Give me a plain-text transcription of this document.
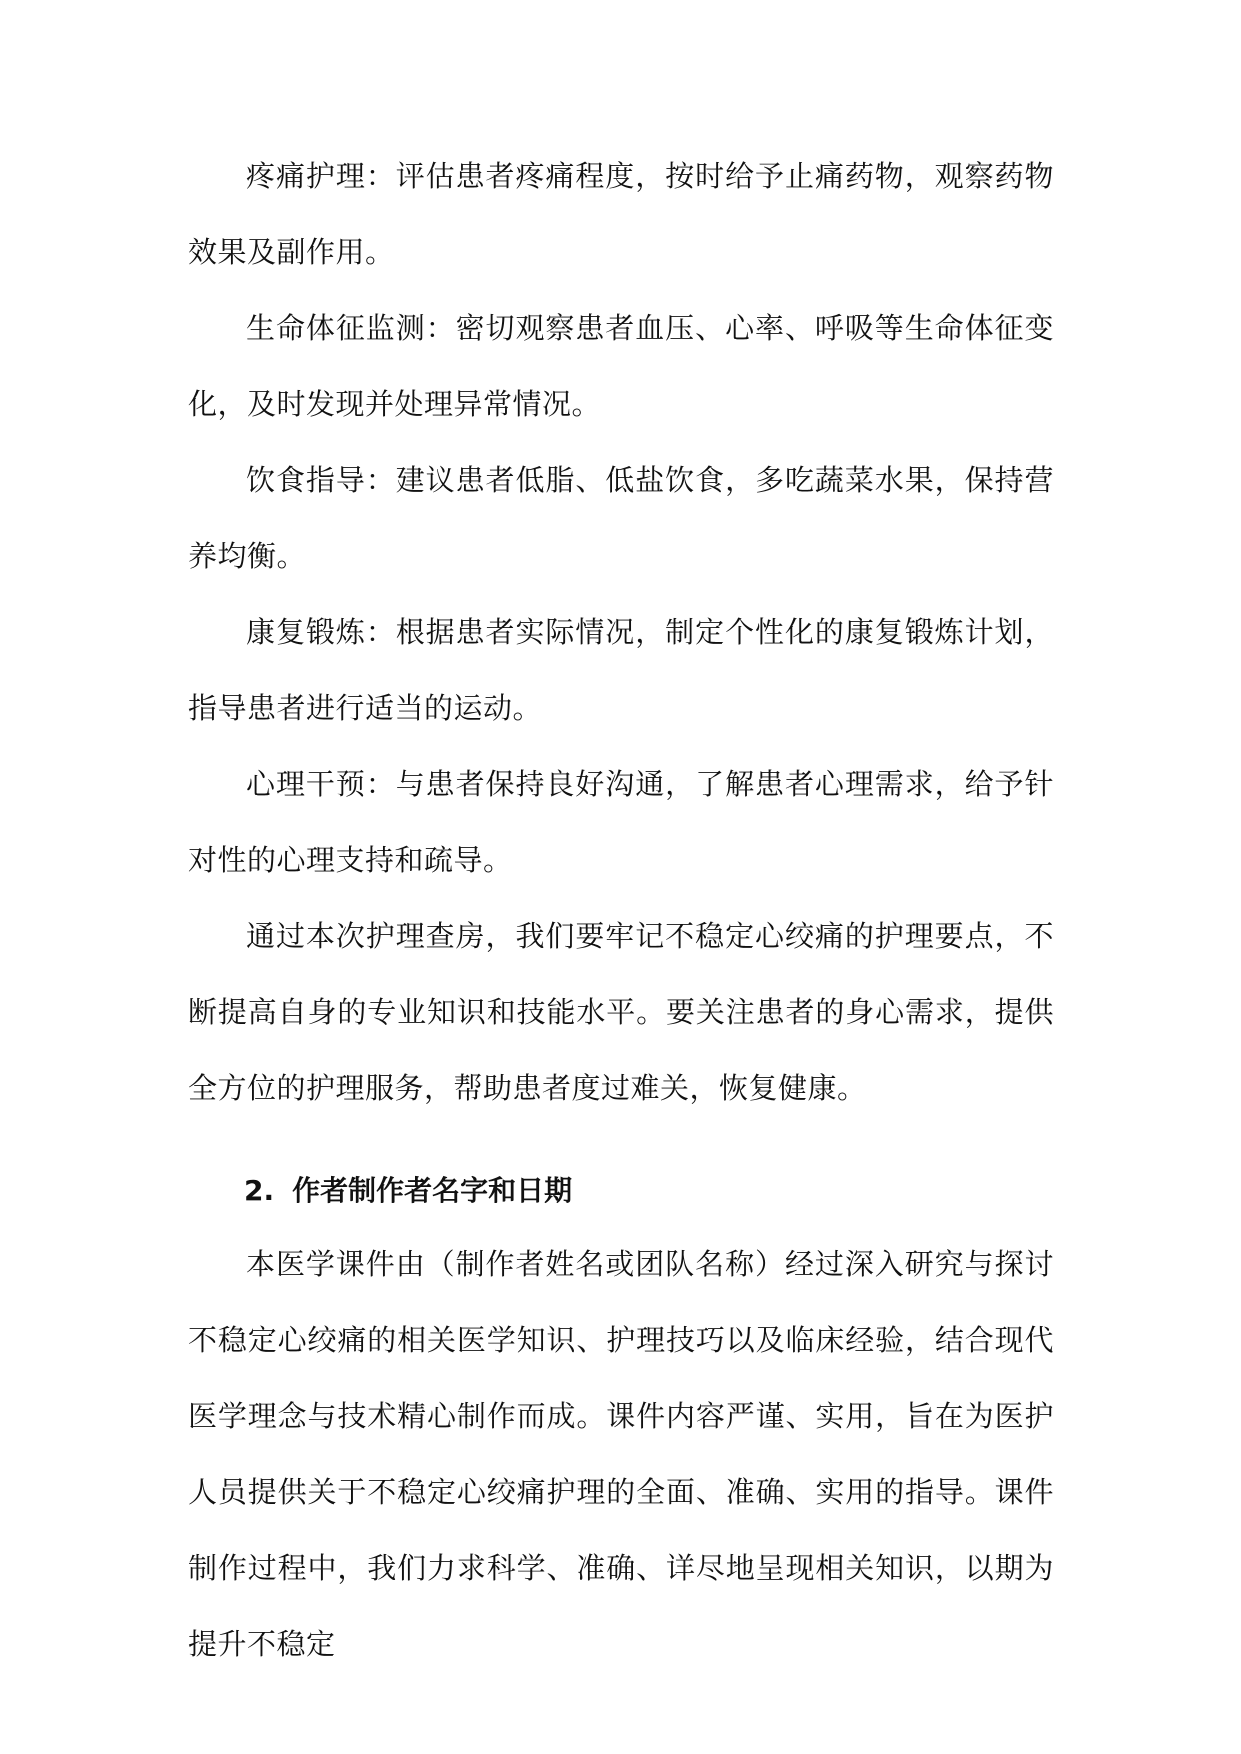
疼痛护理：评估患者疼痛程度，按时给予止痛药物，观察药物效果及副作用。

生命体征监测：密切观察患者血压、心率、呼吸等生命体征变化，及时发现并处理异常情况。

饮食指导：建议患者低脂、低盐饮食，多吃蔬菜水果，保持营养均衡。

康复锻炼：根据患者实际情况，制定个性化的康复锻炼计划，指导患者进行适当的运动。

心理干预：与患者保持良好沟通，了解患者心理需求，给予针对性的心理支持和疏导。

通过本次护理查房，我们要牢记不稳定心绞痛的护理要点，不断提高自身的专业知识和技能水平。要关注患者的身心需求，提供全方位的护理服务，帮助患者度过难关，恢复健康。

2. 作者制作者名字和日期

本医学课件由（制作者姓名或团队名称）经过深入研究与探讨不稳定心绞痛的相关医学知识、护理技巧以及临床经验，结合现代医学理念与技术精心制作而成。课件内容严谨、实用，旨在为医护人员提供关于不稳定心绞痛护理的全面、准确、实用的指导。课件制作过程中，我们力求科学、准确、详尽地呈现相关知识，以期为提升不稳定
